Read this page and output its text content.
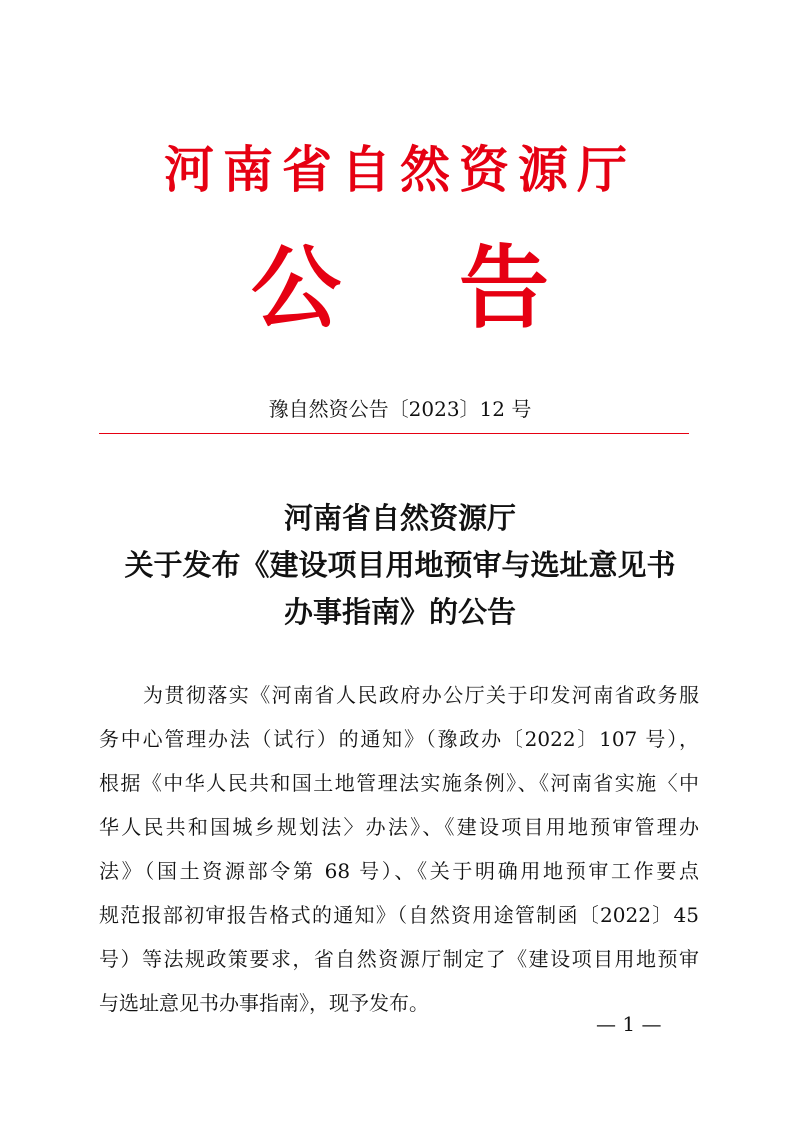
河南省自然资源厅
公 告
豫自然资公告〔2023〕12 号
河南省自然资源厅
关于发布《建设项目用地预审与选址意见书
办事指南》的公告
为贯彻落实《河南省人民政府办公厅关于印发河南省政务服
务中心管理办法（试行）的通知》（豫政办〔2022〕107 号），
根据《中华人民共和国土地管理法实施条例》、《河南省实施〈中
华人民共和国城乡规划法〉办法》、《建设项目用地预审管理办
法》（国土资源部令第 68 号）、《关于明确用地预审工作要点
规范报部初审报告格式的通知》（自然资用途管制函〔2022〕45
号）等法规政策要求，省自然资源厅制定了《建设项目用地预审
与选址意见书办事指南》，现予发布。
— 1 —
